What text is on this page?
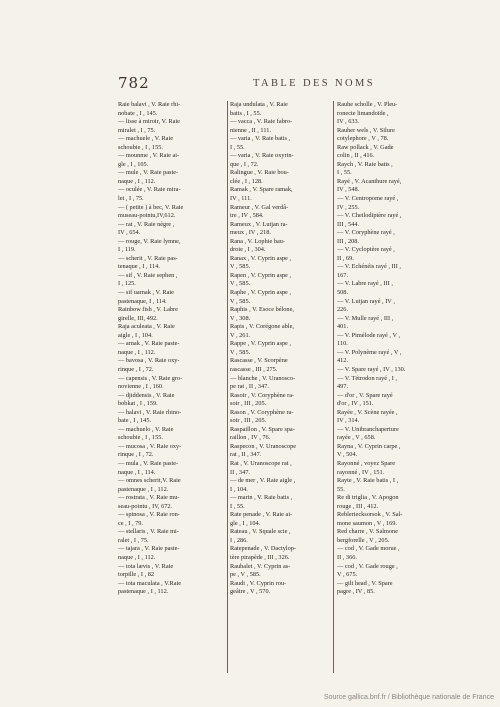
782	TABLE DES NOMS
Raie balavi , V. Raie rhi-
nobate , I , 145.
— lisse à miroir, V. Raie
miralet , I , 75.
— machuele , V. Raie
schoubie , I , 155.
— mounme , V. Raie ai-
gle , I , 105.
— mule , V. Raie paste-
naque , I , 112.
— oculée , V. Raie mira-
let , I , 75.
— ( petite ) à bec, V. Raie
museau-pointu,IV,612.
— rat , V. Raie nègre ,
IV , 654.
— rouge, V. Raie lymne,
I , 119.
— scherit , V. Raie pas-
tenaque , I , 114.
— sif , V. Raie sephen ,
I , 125.
— sif uarnak , V. Raie
pastenaque, I , 114.
Rainbow fish , V. Labre
girelle, III, 492.
Raja aculeata , V. Raie
aigle , I , 104.
— arnak , V. Raie paste-
naque , I , 112.
— bavosa , V. Raie oxy-
rinque , I , 72.
— capensis , V. Raie gro-
novienne , I , 160.
— djiddensis , V. Raie
bobkat , I , 159.
— halavi , V. Raie rhino-
bate , I , 145.
— machuelo , V. Raie
schoubie , I , 155.
— mucosa , V. Raie oxy-
rinque , I , 72.
— mula , V. Raie paste-
naque , I , 114.
— omnes scherit,V. Raie
pastenaque , I , 112.
— rostrata , V. Raie mu-
seau-pointu , IV, 672.
— spinosa , V. Raie ron-
ce , I , 79.
— stellaris , V. Raie mi-
ralet , I , 75.
— tajara , V. Raie paste-
naque , I , 112.
— tota lævis , V. Raie
torpille , I , 82
— tota maculata , V.Raie
pastenaque , I , 112.
Raja undulata , V. Raie
batis , I , 55.
— vacca , V. Raie fabro-
nienne , II , 111.
— varia , V. Raie batis ,
I , 55.
— varia , V. Raie oxyrin-
que , I , 72.
Ralingue , V. Raie bou-
clée , I , 128.
Ramak , V. Spare ramak,
IV , 111.
Rameur , V. Gal verdâ-
tre , IV , 584.
Rameux , V. Lutjan ra-
meux , IV , 218.
Rana , V. Lophie bau-
droie , I , 304.
Ranax , V. Cyprin aspe ,
V , 585.
Rapen , V. Cyprin aspe ,
V , 585.
Raphe , V. Cyprin aspe ,
V , 585.
Raphis , V. Esoce bélone,
V , 308.
Rapis , V. Corégone able,
V , 261.
Rappe , V. Cyprin aspe ,
V , 585.
Rascasse , V. Scorpène
rascasse , III , 275.
— blanche , V. Uranosco-
pe rat , II , 347.
Rasoir , V. Coryphène ra-
soir , III , 205.
Rason , V. Coryphène ra-
soir , III , 205.
Raspaillon , V. Spare spa-
raillon , IV , 76.
Raspecon , V. Uranoscope
rat , II , 347.
Rat , V. Uranoscope rat ,
II , 347.
— de mer , V. Raie aigle ,
I , 104.
— marin , V. Raie batis ,
I , 55.
Rate penade , V. Raie ai-
gle , I , 104.
Rateau , V. Squale scie ,
I , 286.
Ratepenade , V. Dactylop-
tère pirapède , III , 326.
Raubalet , V. Cyprin as-
pe , V , 585.
Raudi , V. Cyprin rou-
geâtre , V , 570.
Rauhe scholle , V. Pleu-
ronecte limandoïde ,
IV , 633.
Rauher wels , V. Silure
cotylephore , V , 78.
Raw pollack , V. Gade
colin , II , 416.
Raych , V. Raie batis ,
I , 55.
Rayé , V. Acanthure rayé,
IV , 548.
— V. Centropome rayé ,
IV , 255.
— V. Cheilodiptère rayé ,
III , 544.
— V. Coryphène rayé ,
III , 208.
— V. Cycloptère rayé ,
II , 69.
— V. Echénéis rayé , III ,
167.
— V. Labre rayé , III ,
508.
— V. Lutjan rayé , IV ,
226.
— V. Mulle rayé , III ,
401.
— V. Pimélode rayé , V ,
110.
— V. Polynème rayé , V ,
412.
— V. Spare rayé , IV , 130.
— V. Tétrodon rayé , I ,
497.
— d'or , V. Spare rayé
d'or , IV , 151.
Rayée , V. Scène rayée ,
IV , 314.
— V. Unibranchaperture
rayée , V , 658.
Rayna , V. Cyprin carpe ,
V , 504.
Rayonné , voyez Spare
rayonné , IV , 151.
Rayte , V. Raie batis , I ,
55.
Re di triglia , V. Apogon
rouge , III , 412.
Rebleriecksorsok , V. Sal-
mone saumon , V , 169.
Red charre , V. Salmone
bergforelle , V , 205.
— cod , V. Gade morue ,
II , 366.
— cod , V. Gade rouge ,
V , 675.
— gilt head , V. Spare
pagre , IV , 85.
Source gallica.bnf.fr / Bibliothèque nationale de France
